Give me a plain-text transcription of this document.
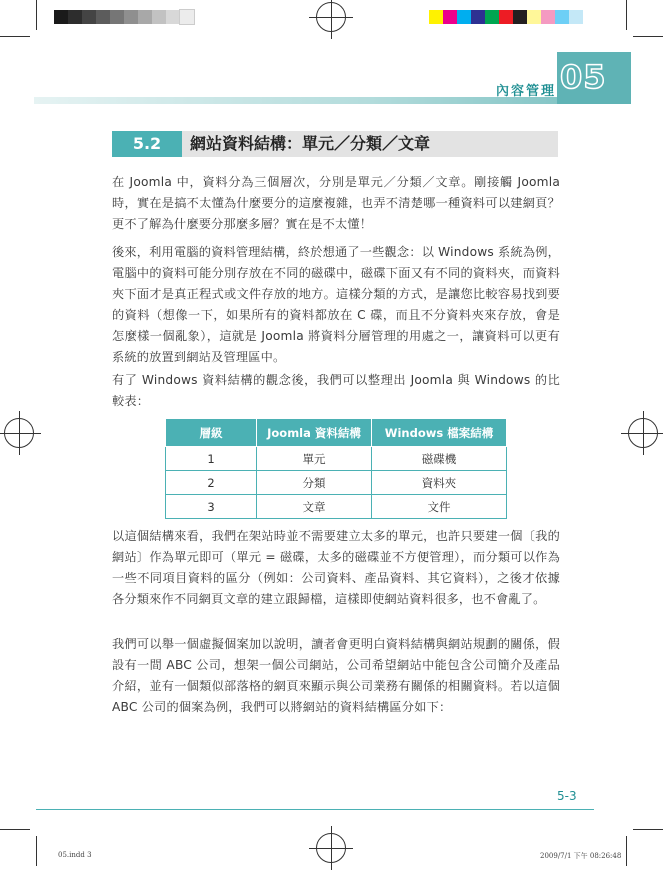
05
內容管理
5.2	網站資料結構：單元／分類／文章

在 Joomla 中，資料分為三個層次，分別是單元／分類／文章。剛接觸 Joomla 時，實在是搞不太懂為什麼要分的這麼複雜，也弄不清楚哪一種資料可以建網頁？更不了解為什麼要分那麼多層？實在是不太懂！

後來，利用電腦的資料管理結構，終於想通了一些觀念：以 Windows 系統為例，電腦中的資料可能分別存放在不同的磁碟中，磁碟下面又有不同的資料夾，而資料夾下面才是真正程式或文件存放的地方。這樣分類的方式，是讓您比較容易找到要的資料（想像一下，如果所有的資料都放在 C 碟，而且不分資料夾來存放，會是怎麼樣一個亂象），這就是 Joomla 將資料分層管理的用處之一，讓資料可以更有系統的放置到網站及管理區中。

有了 Windows 資料結構的觀念後，我們可以整理出 Joomla 與 Windows 的比較表：

層級	Joomla 資料結構	Windows 檔案結構
1	單元	磁碟機
2	分類	資料夾
3	文章	文件

以這個結構來看，我們在架站時並不需要建立太多的單元，也許只要建一個〔我的網站〕作為單元即可（單元 = 磁碟，太多的磁碟並不方便管理），而分類可以作為一些不同項目資料的區分（例如：公司資料、產品資料、其它資料），之後才依據各分類來作不同網頁文章的建立跟歸檔，這樣即使網站資料很多，也不會亂了。

我們可以舉一個虛擬個案加以說明，讀者會更明白資料結構與網站規劃的關係，假設有一間 ABC 公司，想架一個公司網站，公司希望網站中能包含公司簡介及產品介紹，並有一個類似部落格的網頁來顯示與公司業務有關係的相關資料。若以這個 ABC 公司的個案為例，我們可以將網站的資料結構區分如下：

5-3
05.indd 3	2009/7/1 下午 08:26:48
